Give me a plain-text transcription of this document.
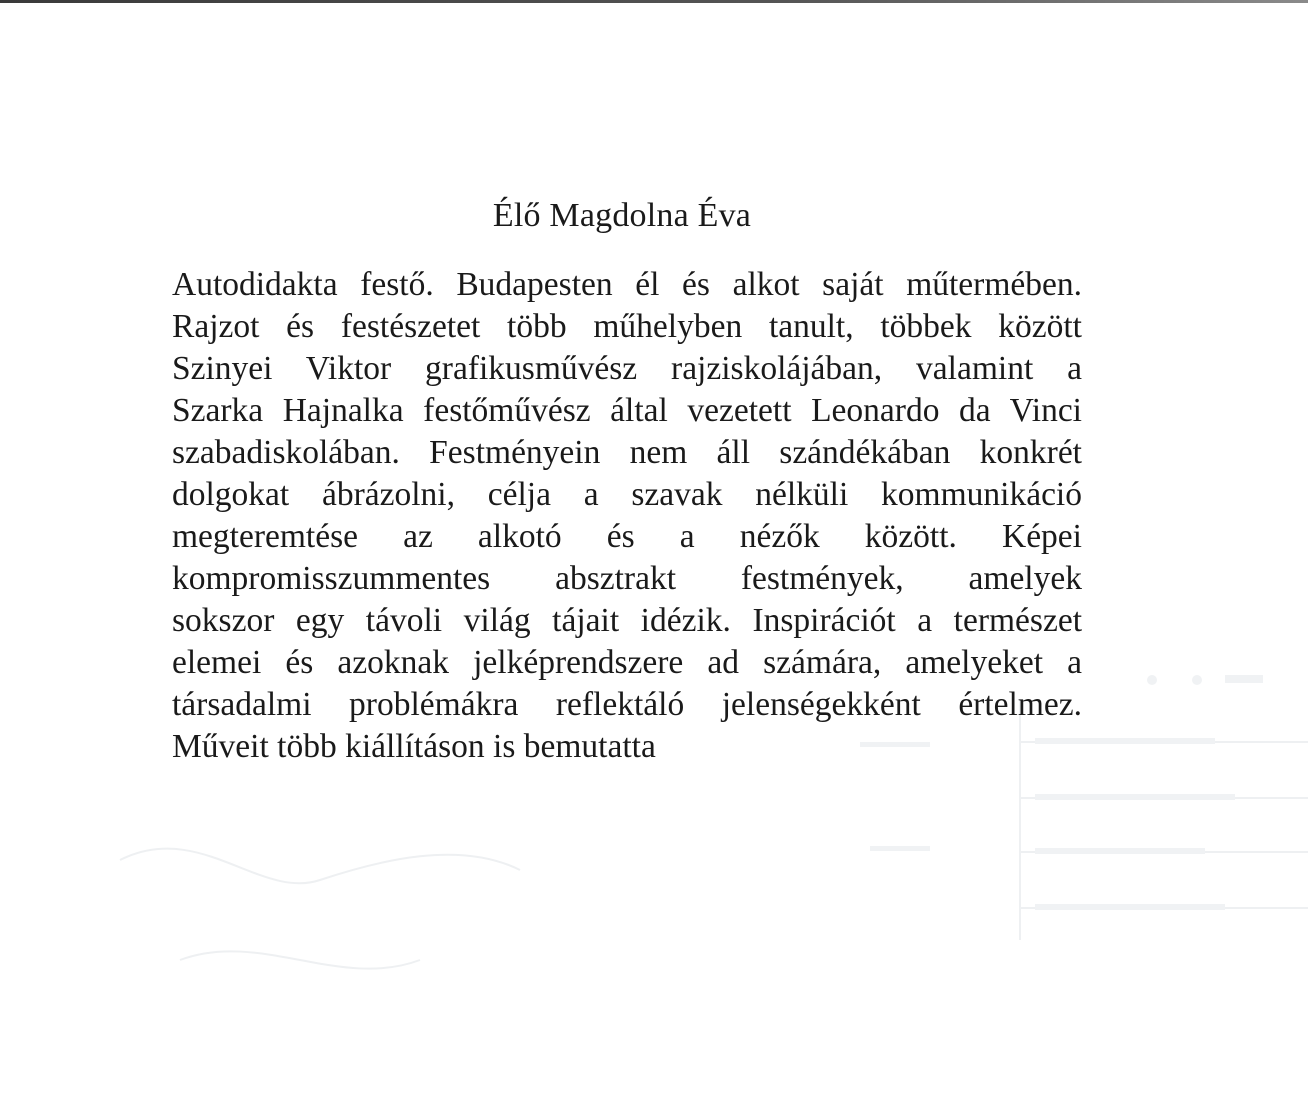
Élő Magdolna Éva
Autodidakta festő. Budapesten él és alkot saját műtermében.
Rajzot és festészetet több műhelyben tanult, többek között
Szinyei Viktor grafikusművész rajziskolájában, valamint a
Szarka Hajnalka festőművész által vezetett Leonardo da Vinci
szabadiskolában. Festményein nem áll szándékában konkrét
dolgokat ábrázolni, célja a szavak nélküli kommunikáció
megteremtése az alkotó és a nézők között. Képei
kompromisszummentes absztrakt festmények, amelyek
sokszor egy távoli világ tájait idézik. Inspirációt a természet
elemei és azoknak jelképrendszere ad számára, amelyeket a
társadalmi problémákra reflektáló jelenségekként értelmez.
Műveit több kiállításon is bemutatta
